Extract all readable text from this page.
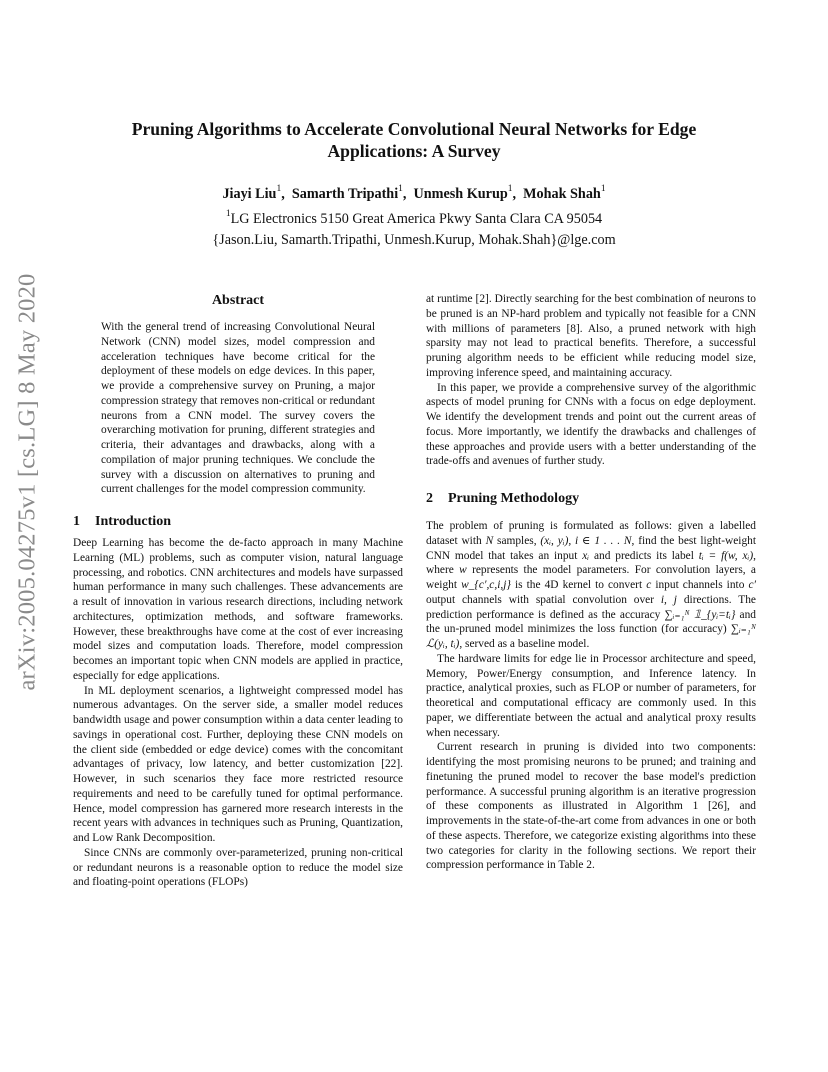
arXiv:2005.04275v1 [cs.LG] 8 May 2020
Pruning Algorithms to Accelerate Convolutional Neural Networks for Edge Applications: A Survey
Jiayi Liu$^1$,  Samarth Tripathi$^1$,  Unmesh Kurup$^1$,  Mohak Shah$^1$
$^1$LG Electronics 5150 Great America Pkwy Santa Clara CA 95054
{Jason.Liu, Samarth.Tripathi, Unmesh.Kurup, Mohak.Shah}@lge.com
Abstract

With the general trend of increasing Convolutional Neural Network (CNN) model sizes, model compression and acceleration techniques have become critical for the deployment of these models on edge devices. In this paper, we provide a comprehensive survey on Pruning, a major compression strategy that removes non-critical or redundant neurons from a CNN model. The survey covers the overarching motivation for pruning, different strategies and criteria, their advantages and drawbacks, along with a compilation of major pruning techniques. We conclude the survey with a discussion on alternatives to pruning and current challenges for the model compression community.

1 Introduction

Deep Learning has become the de-facto approach in many Machine Learning (ML) problems, such as computer vision, natural language processing, and robotics. CNN architectures and models have surpassed human performance in many such challenges. These advancements are a result of innovation in various research directions, including network architectures, optimization methods, and software frameworks. However, these breakthroughs have come at the cost of ever increasing model sizes and computation loads. Therefore, model compression becomes an important topic when CNN models are applied in practice, especially for edge applications.

In ML deployment scenarios, a lightweight compressed model has numerous advantages. On the server side, a smaller model reduces bandwidth usage and power consumption within a data center leading to savings in operational cost. Further, deploying these CNN models on the client side (embedded or edge device) comes with the concomitant advantages of privacy, low latency, and better customization [22]. However, in such scenarios they face more restricted resource requirements and need to be carefully tuned for optimal performance. Hence, model compression has garnered more research interests in the recent years with advances in techniques such as Pruning, Quantization, and Low Rank Decomposition.

Since CNNs are commonly over-parameterized, pruning non-critical or redundant neurons is a reasonable option to reduce the model size and floating-point operations (FLOPs)

at runtime [2]. Directly searching for the best combination of neurons to be pruned is an NP-hard problem and typically not feasible for a CNN with millions of parameters [8]. Also, a pruned network with high sparsity may not lead to practical benefits. Therefore, a successful pruning algorithm needs to be efficient while reducing model size, improving inference speed, and maintaining accuracy.

In this paper, we provide a comprehensive survey of the algorithmic aspects of model pruning for CNNs with a focus on edge deployment. We identify the development trends and point out the current areas of focus. More importantly, we identify the drawbacks and challenges of these approaches and provide users with a better understanding of the trade-offs and avenues of further study.

2 Pruning Methodology

The problem of pruning is formulated as follows: given a labelled dataset with N samples, (xᵢ, yᵢ), i ∈ 1 . . . N, find the best light-weight CNN model that takes an input xᵢ and predicts its label tᵢ = f(w, xᵢ), where w represents the model parameters. For convolution layers, a weight w_{c′,c,i,j} is the 4D kernel to convert c input channels into c′ output channels with spatial convolution over i, j directions. The prediction performance is defined as the accuracy ∑ᵢ₌₁ᴺ 𝟙_{yᵢ=tᵢ} and the un-pruned model minimizes the loss function (for accuracy) ∑ᵢ₌₁ᴺ ℒ(yᵢ, tᵢ), served as a baseline model.

The hardware limits for edge lie in Processor architecture and speed, Memory, Power/Energy consumption, and Inference latency. In practice, analytical proxies, such as FLOP or number of parameters, for theoretical and computational efficacy are commonly used. In this paper, we differentiate between the actual and analytical proxy results when necessary.

Current research in pruning is divided into two components: identifying the most promising neurons to be pruned; and training and finetuning the pruned model to recover the base model's prediction performance. A successful pruning algorithm is an iterative progression of these components as illustrated in Algorithm 1 [26], and improvements in the state-of-the-art come from advances in one or both of these aspects. Therefore, we categorize existing algorithms into these two categories for clarity in the following sections. We report their compression performance in Table 2.
